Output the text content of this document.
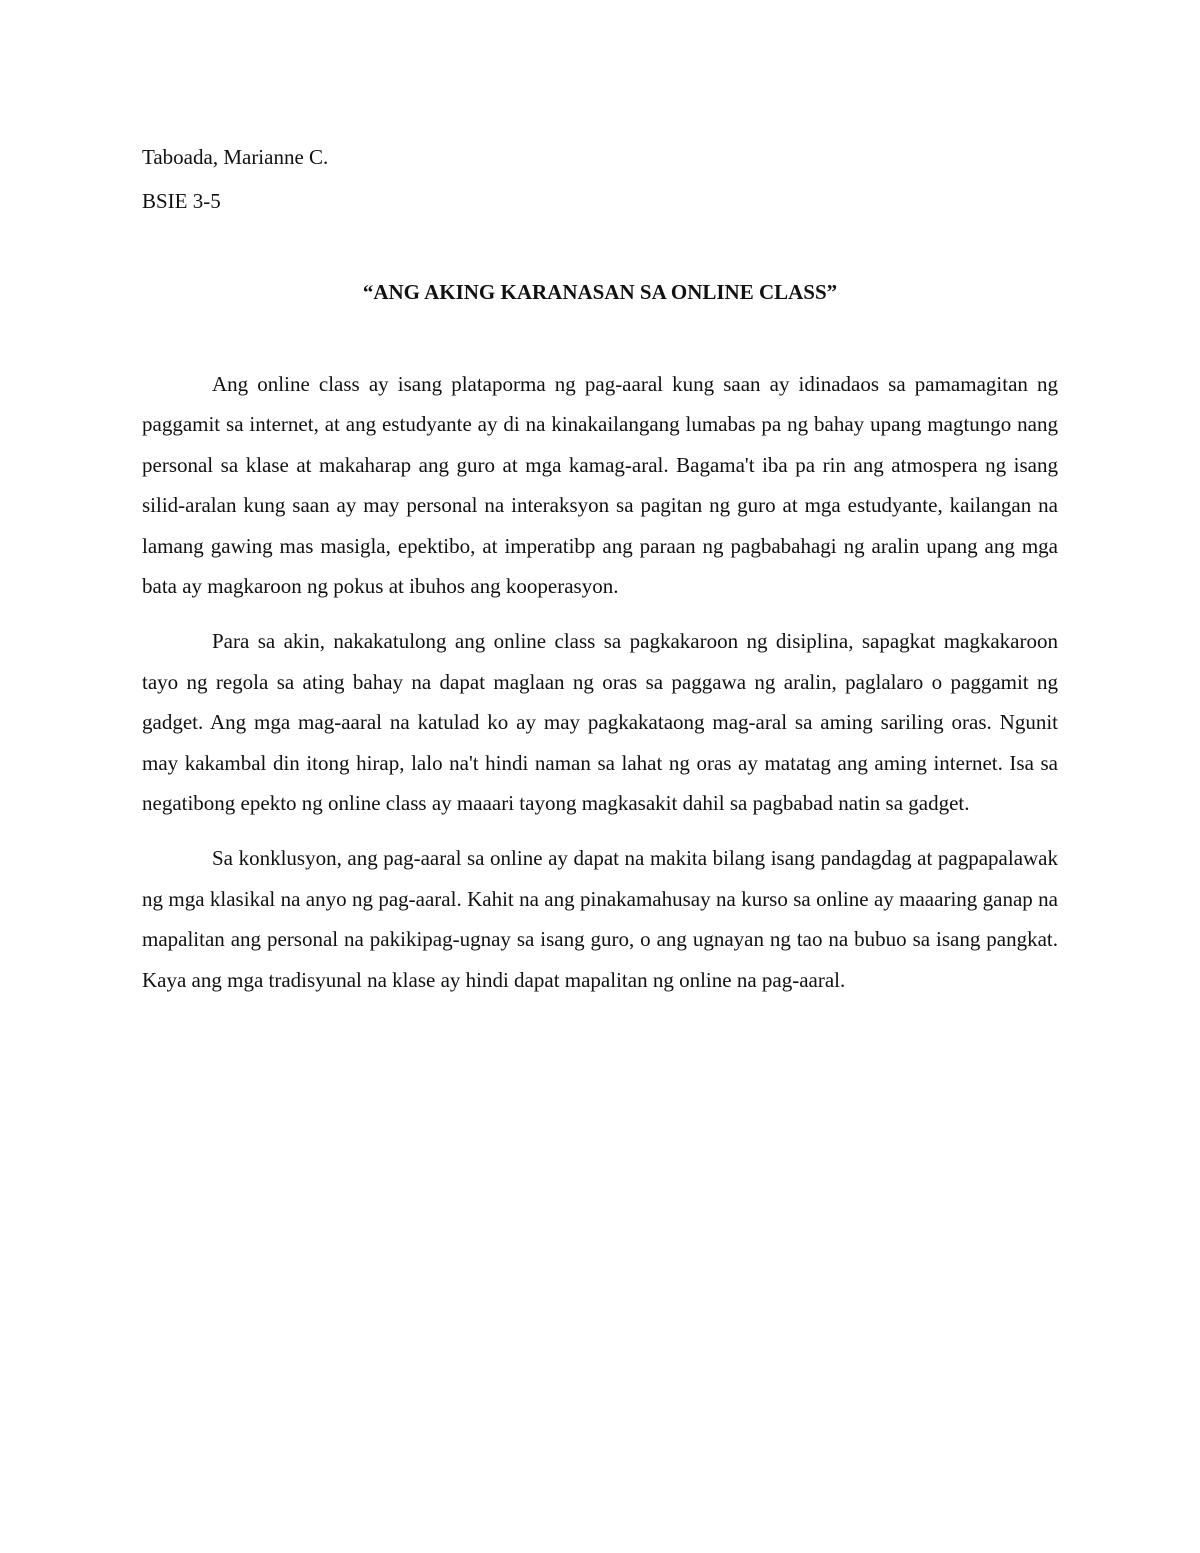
Taboada, Marianne C.
BSIE 3-5
“ANG AKING KARANASAN SA ONLINE CLASS”

Ang online class ay isang plataporma ng pag-aaral kung saan ay idinadaos sa pamamagitan ng paggamit sa internet, at ang estudyante ay di na kinakailangang lumabas pa ng bahay upang magtungo nang personal sa klase at makaharap ang guro at mga kamag-aral. Bagama't iba pa rin ang atmospera ng isang silid-aralan kung saan ay may personal na interaksyon sa pagitan ng guro at mga estudyante, kailangan na lamang gawing mas masigla, epektibo, at imperatibp ang paraan ng pagbabahagi ng aralin upang ang mga bata ay magkaroon ng pokus at ibuhos ang kooperasyon.

Para sa akin, nakakatulong ang online class sa pagkakaroon ng disiplina, sapagkat magkakaroon tayo ng regola sa ating bahay na dapat maglaan ng oras sa paggawa ng aralin, paglalaro o paggamit ng gadget. Ang mga mag-aaral na katulad ko ay may pagkakataong mag-aral sa aming sariling oras. Ngunit may kakambal din itong hirap, lalo na't hindi naman sa lahat ng oras ay matatag ang aming internet. Isa sa negatibong epekto ng online class ay maaari tayong magkasakit dahil sa pagbabad natin sa gadget.

Sa konklusyon, ang pag-aaral sa online ay dapat na makita bilang isang pandagdag at pagpapalawak ng mga klasikal na anyo ng pag-aaral. Kahit na ang pinakamahusay na kurso sa online ay maaaring ganap na mapalitan ang personal na pakikipag-ugnay sa isang guro, o ang ugnayan ng tao na bubuo sa isang pangkat. Kaya ang mga tradisyunal na klase ay hindi dapat mapalitan ng online na pag-aaral.
